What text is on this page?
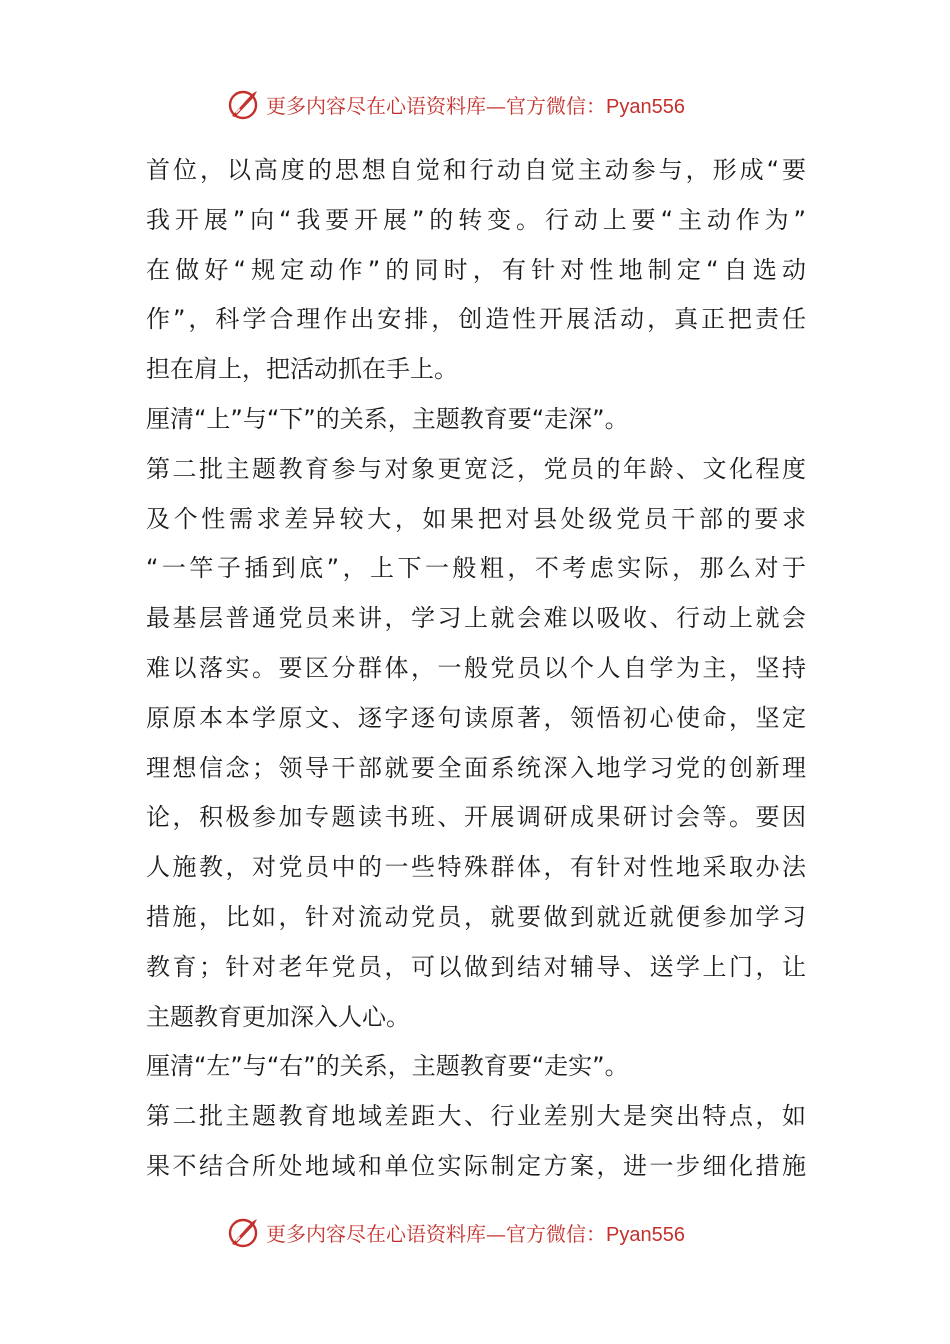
更多内容尽在心语资料库—官方微信：Pyan556
首位，以高度的思想自觉和行动自觉主动参与，形成“要
我开展”向“我要开展”的转变。行动上要“主动作为”
在做好“规定动作”的同时，有针对性地制定“自选动
作”，科学合理作出安排，创造性开展活动，真正把责任
担在肩上，把活动抓在手上。
厘清“上”与“下”的关系，主题教育要“走深”。
第二批主题教育参与对象更宽泛，党员的年龄、文化程度
及个性需求差异较大，如果把对县处级党员干部的要求
“一竿子插到底”，上下一般粗，不考虑实际，那么对于
最基层普通党员来讲，学习上就会难以吸收、行动上就会
难以落实。要区分群体，一般党员以个人自学为主，坚持
原原本本学原文、逐字逐句读原著，领悟初心使命，坚定
理想信念；领导干部就要全面系统深入地学习党的创新理
论，积极参加专题读书班、开展调研成果研讨会等。要因
人施教，对党员中的一些特殊群体，有针对性地采取办法
措施，比如，针对流动党员，就要做到就近就便参加学习
教育；针对老年党员，可以做到结对辅导、送学上门，让
主题教育更加深入人心。
厘清“左”与“右”的关系，主题教育要“走实”。
第二批主题教育地域差距大、行业差别大是突出特点，如
果不结合所处地域和单位实际制定方案，进一步细化措施
更多内容尽在心语资料库—官方微信：Pyan556
